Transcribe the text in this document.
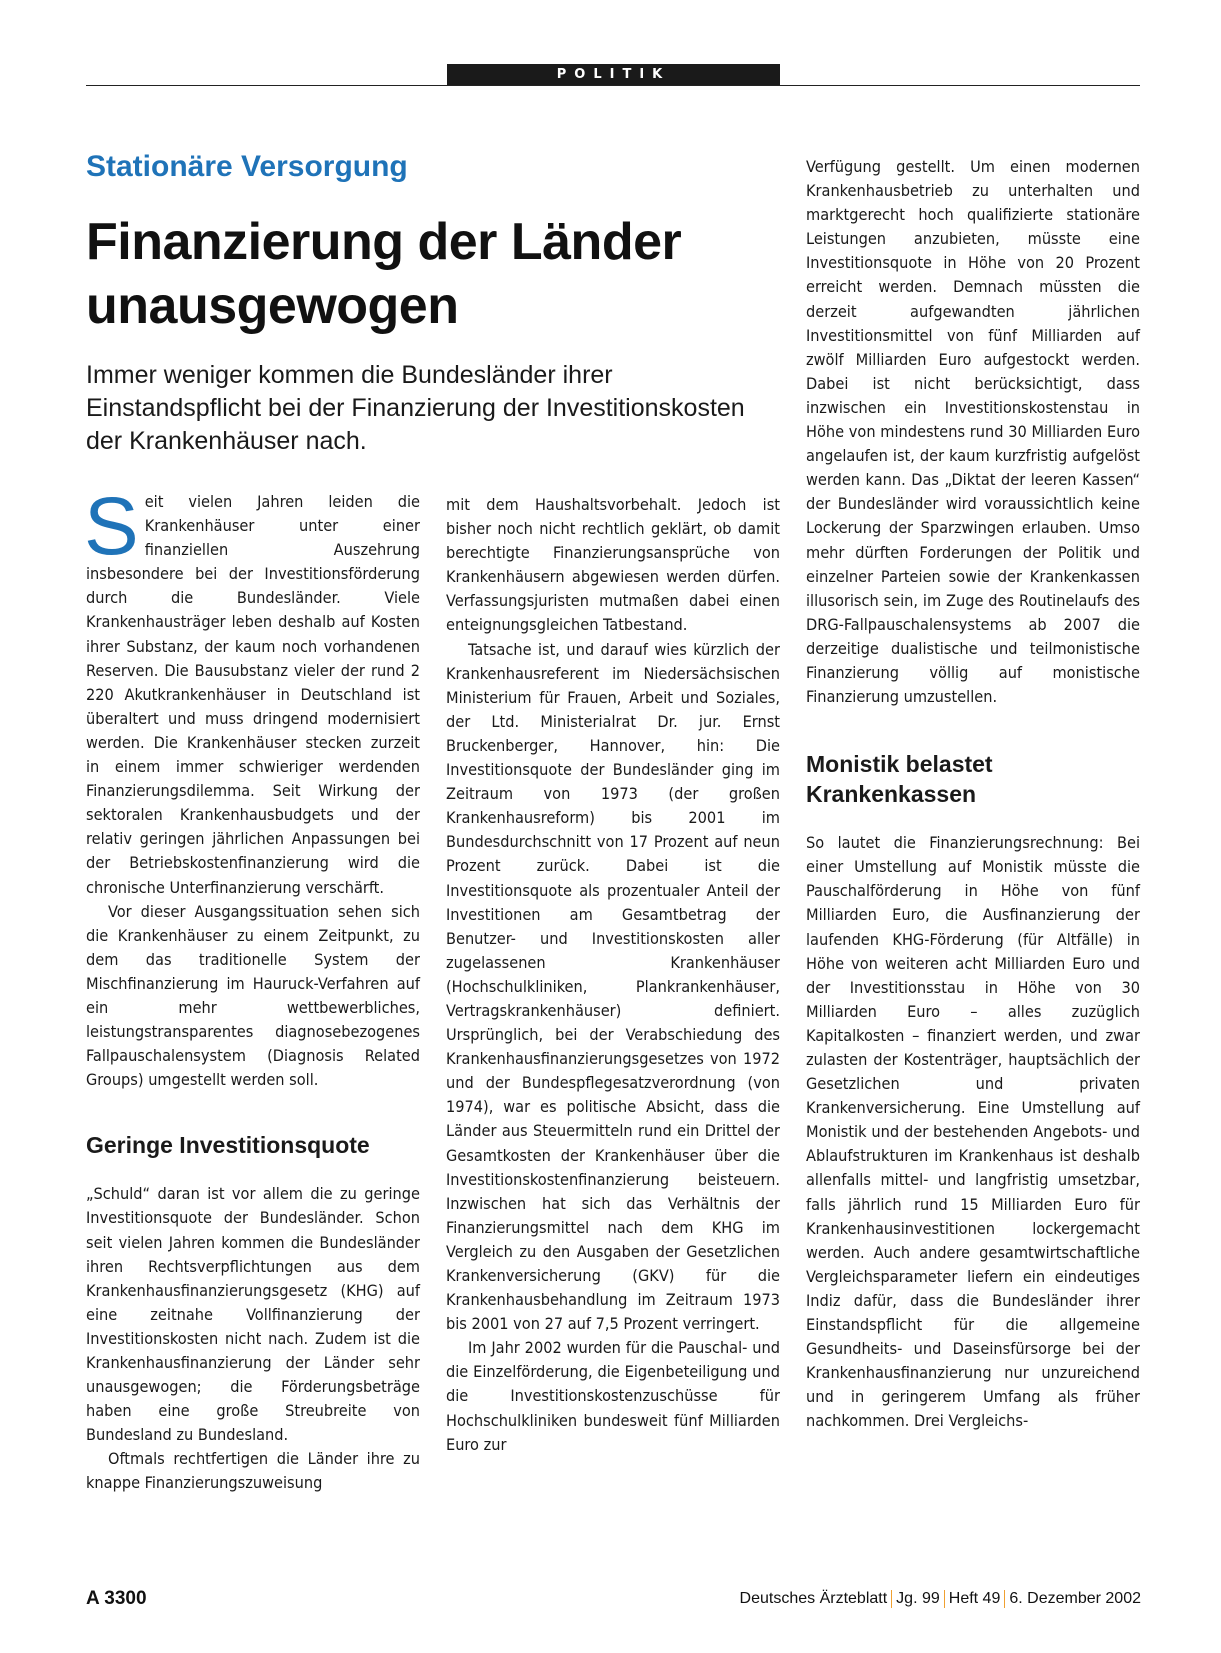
POLITIK
Stationäre Versorgung
Finanzierung der Länder
unausgewogen
Immer weniger kommen die Bundesländer ihrer Einstandspflicht bei der Finanzierung der Investitionskosten der Krankenhäuser nach.

Seit vielen Jahren leiden die Krankenhäuser unter einer finanziellen Auszehrung insbesondere bei der Investitionsförderung durch die Bundesländer. Viele Krankenhausträger leben deshalb auf Kosten ihrer Substanz, der kaum noch vorhandenen Reserven. Die Bausubstanz vieler der rund 2 220 Akutkrankenhäuser in Deutschland ist überaltert und muss dringend modernisiert werden. Die Krankenhäuser stecken zurzeit in einem immer schwieriger werdenden Finanzierungsdilemma. Seit Wirkung der sektoralen Krankenhausbudgets und der relativ geringen jährlichen Anpassungen bei der Betriebskostenfinanzierung wird die chronische Unterfinanzierung verschärft.

Vor dieser Ausgangssituation sehen sich die Krankenhäuser zu einem Zeitpunkt, zu dem das traditionelle System der Mischfinanzierung im Hauruck-Verfahren auf ein mehr wettbewerbliches, leistungstransparentes diagnosebezogenes Fallpauschalensystem (Diagnosis Related Groups) umgestellt werden soll.

Geringe Investitionsquote

„Schuld“ daran ist vor allem die zu geringe Investitionsquote der Bundesländer. Schon seit vielen Jahren kommen die Bundesländer ihren Rechtsverpflichtungen aus dem Krankenhausfinanzierungsgesetz (KHG) auf eine zeitnahe Vollfinanzierung der Investitionskosten nicht nach. Zudem ist die Krankenhausfinanzierung der Länder sehr unausgewogen; die Förderungsbeträge haben eine große Streubreite von Bundesland zu Bundesland.

Oftmals rechtfertigen die Länder ihre zu knappe Finanzierungszuweisung

mit dem Haushaltsvorbehalt. Jedoch ist bisher noch nicht rechtlich geklärt, ob damit berechtigte Finanzierungsansprüche von Krankenhäusern abgewiesen werden dürfen. Verfassungsjuristen mutmaßen dabei einen enteignungsgleichen Tatbestand.

Tatsache ist, und darauf wies kürzlich der Krankenhausreferent im Niedersächsischen Ministerium für Frauen, Arbeit und Soziales, der Ltd. Ministerialrat Dr. jur. Ernst Bruckenberger, Hannover, hin: Die Investitionsquote der Bundesländer ging im Zeitraum von 1973 (der großen Krankenhausreform) bis 2001 im Bundesdurchschnitt von 17 Prozent auf neun Prozent zurück. Dabei ist die Investitionsquote als prozentualer Anteil der Investitionen am Gesamtbetrag der Benutzer- und Investitionskosten aller zugelassenen Krankenhäuser (Hochschulkliniken, Plankrankenhäuser, Vertragskrankenhäuser) definiert. Ursprünglich, bei der Verabschiedung des Krankenhausfinanzierungsgesetzes von 1972 und der Bundespflegesatzverordnung (von 1974), war es politische Absicht, dass die Länder aus Steuermitteln rund ein Drittel der Gesamtkosten der Krankenhäuser über die Investitionskostenfinanzierung beisteuern. Inzwischen hat sich das Verhältnis der Finanzierungsmittel nach dem KHG im Vergleich zu den Ausgaben der Gesetzlichen Krankenversicherung (GKV) für die Krankenhausbehandlung im Zeitraum 1973 bis 2001 von 27 auf 7,5 Prozent verringert.

Im Jahr 2002 wurden für die Pauschal- und die Einzelförderung, die Eigenbeteiligung und die Investitionskostenzuschüsse für Hochschulkliniken bundesweit fünf Milliarden Euro zur

Verfügung gestellt. Um einen modernen Krankenhausbetrieb zu unterhalten und marktgerecht hoch qualifizierte stationäre Leistungen anzubieten, müsste eine Investitionsquote in Höhe von 20 Prozent erreicht werden. Demnach müssten die derzeit aufgewandten jährlichen Investitionsmittel von fünf Milliarden auf zwölf Milliarden Euro aufgestockt werden. Dabei ist nicht berücksichtigt, dass inzwischen ein Investitionskostenstau in Höhe von mindestens rund 30 Milliarden Euro angelaufen ist, der kaum kurzfristig aufgelöst werden kann. Das „Diktat der leeren Kassen“ der Bundesländer wird voraussichtlich keine Lockerung der Sparzwingen erlauben. Umso mehr dürften Forderungen der Politik und einzelner Parteien sowie der Krankenkassen illusorisch sein, im Zuge des Routinelaufs des DRG-Fallpauschalensystems ab 2007 die derzeitige dualistische und teilmonistische Finanzierung völlig auf monistische Finanzierung umzustellen.

Monistik belastet Krankenkassen

So lautet die Finanzierungsrechnung: Bei einer Umstellung auf Monistik müsste die Pauschalförderung in Höhe von fünf Milliarden Euro, die Ausfinanzierung der laufenden KHG-Förderung (für Altfälle) in Höhe von weiteren acht Milliarden Euro und der Investitionsstau in Höhe von 30 Milliarden Euro – alles zuzüglich Kapitalkosten – finanziert werden, und zwar zulasten der Kostenträger, hauptsächlich der Gesetzlichen und privaten Krankenversicherung. Eine Umstellung auf Monistik und der bestehenden Angebots- und Ablaufstrukturen im Krankenhaus ist deshalb allenfalls mittel- und langfristig umsetzbar, falls jährlich rund 15 Milliarden Euro für Krankenhausinvestitionen lockergemacht werden. Auch andere gesamtwirtschaftliche Vergleichsparameter liefern ein eindeutiges Indiz dafür, dass die Bundesländer ihrer Einstandspflicht für die allgemeine Gesundheits- und Daseinsfürsorge bei der Krankenhausfinanzierung nur unzureichend und in geringerem Umfang als früher nachkommen. Drei Vergleichs-

A 3300	Deutsches Ärzteblatt Jg. 99 Heft 49 6. Dezember 2002
